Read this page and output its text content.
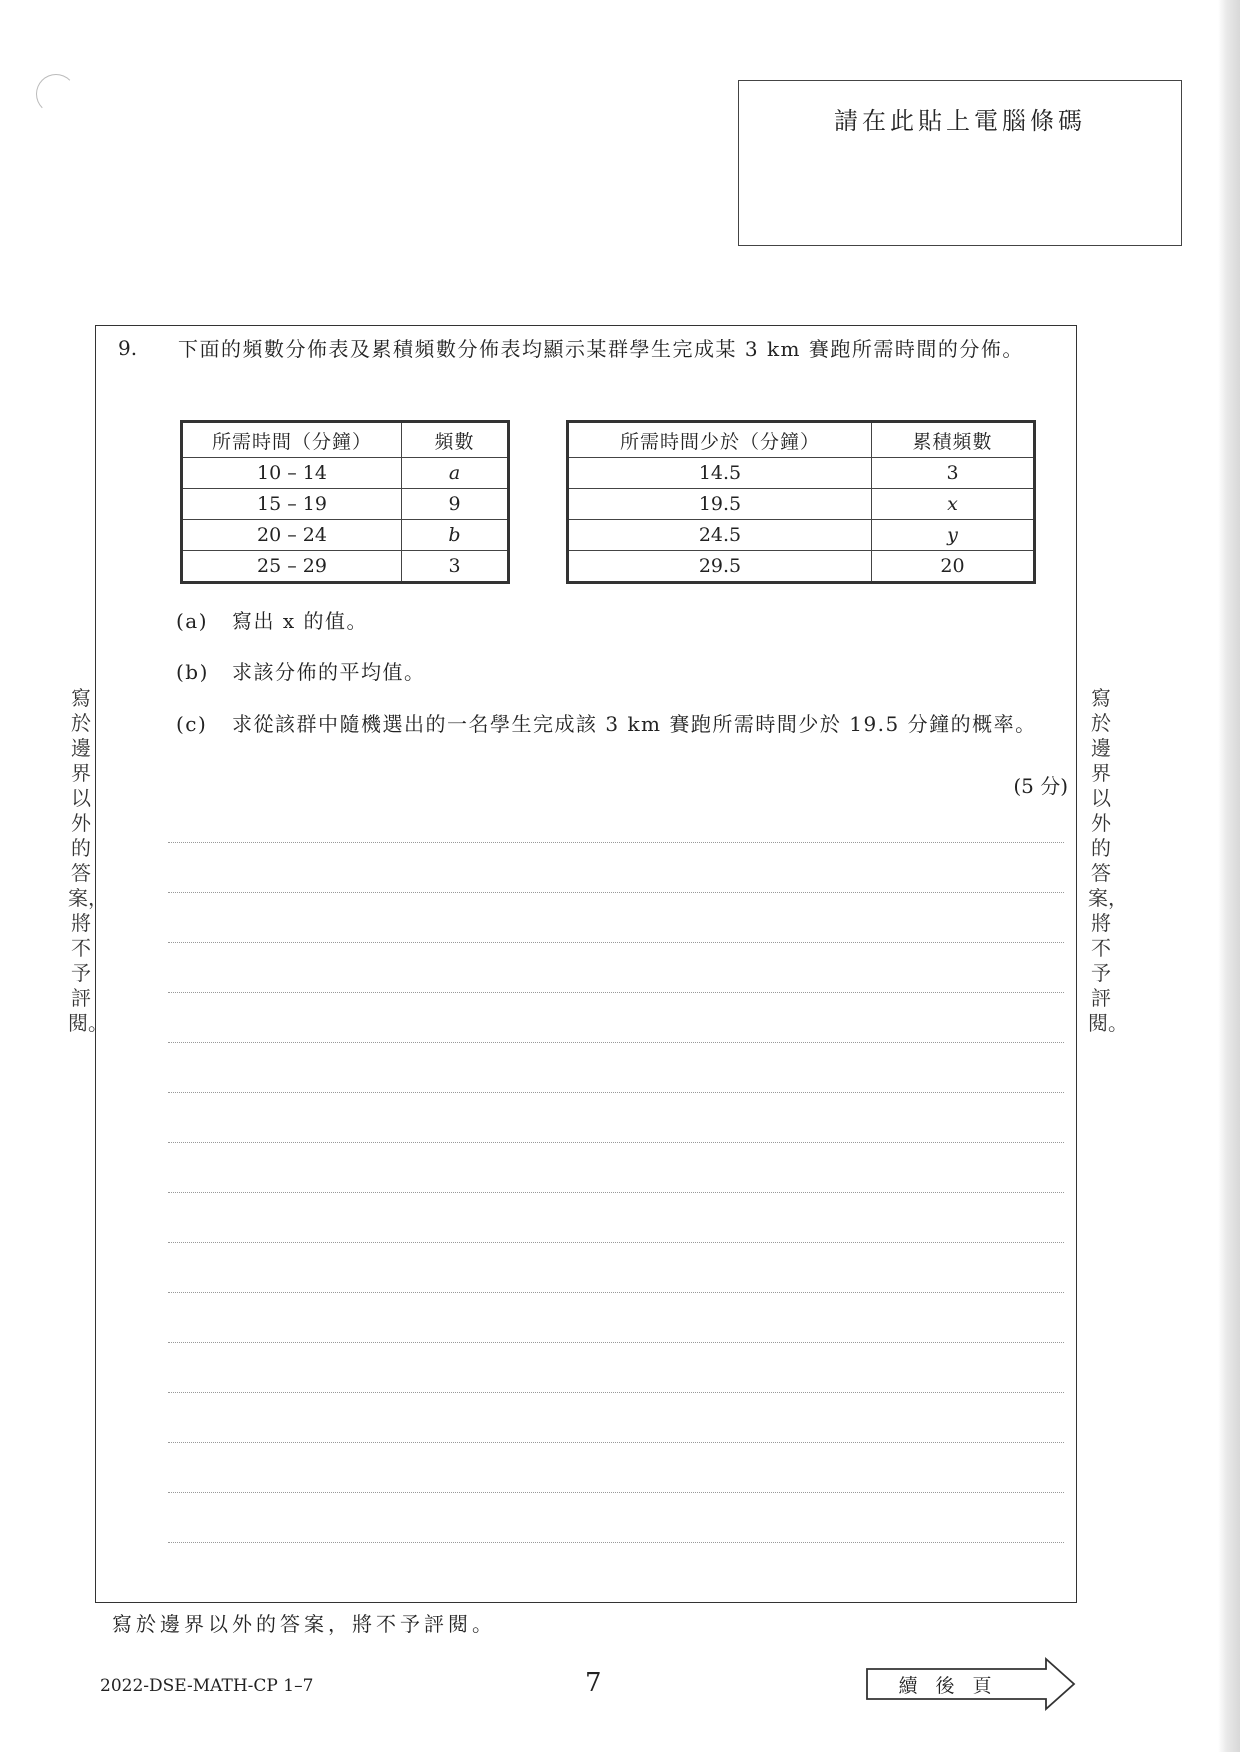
請在此貼上電腦條碼
寫於邊界以外的答案，將不予評閱。
寫於邊界以外的答案，將不予評閱。
9. 下面的頻數分佈表及累積頻數分佈表均顯示某群學生完成某 3 km 賽跑所需時間的分佈。
所需時間（分鐘）	頻數
10 – 14	a
15 – 19	9
20 – 24	b
25 – 29	3
所需時間少於（分鐘）	累積頻數
14.5	3
19.5	x
24.5	y
29.5	20
(a) 寫出 x 的值。
(b) 求該分佈的平均值。
(c) 求從該群中隨機選出的一名學生完成該 3 km 賽跑所需時間少於 19.5 分鐘的概率。
(5 分)
寫於邊界以外的答案，將不予評閱。
2022-DSE-MATH-CP 1–7	7	續後頁
